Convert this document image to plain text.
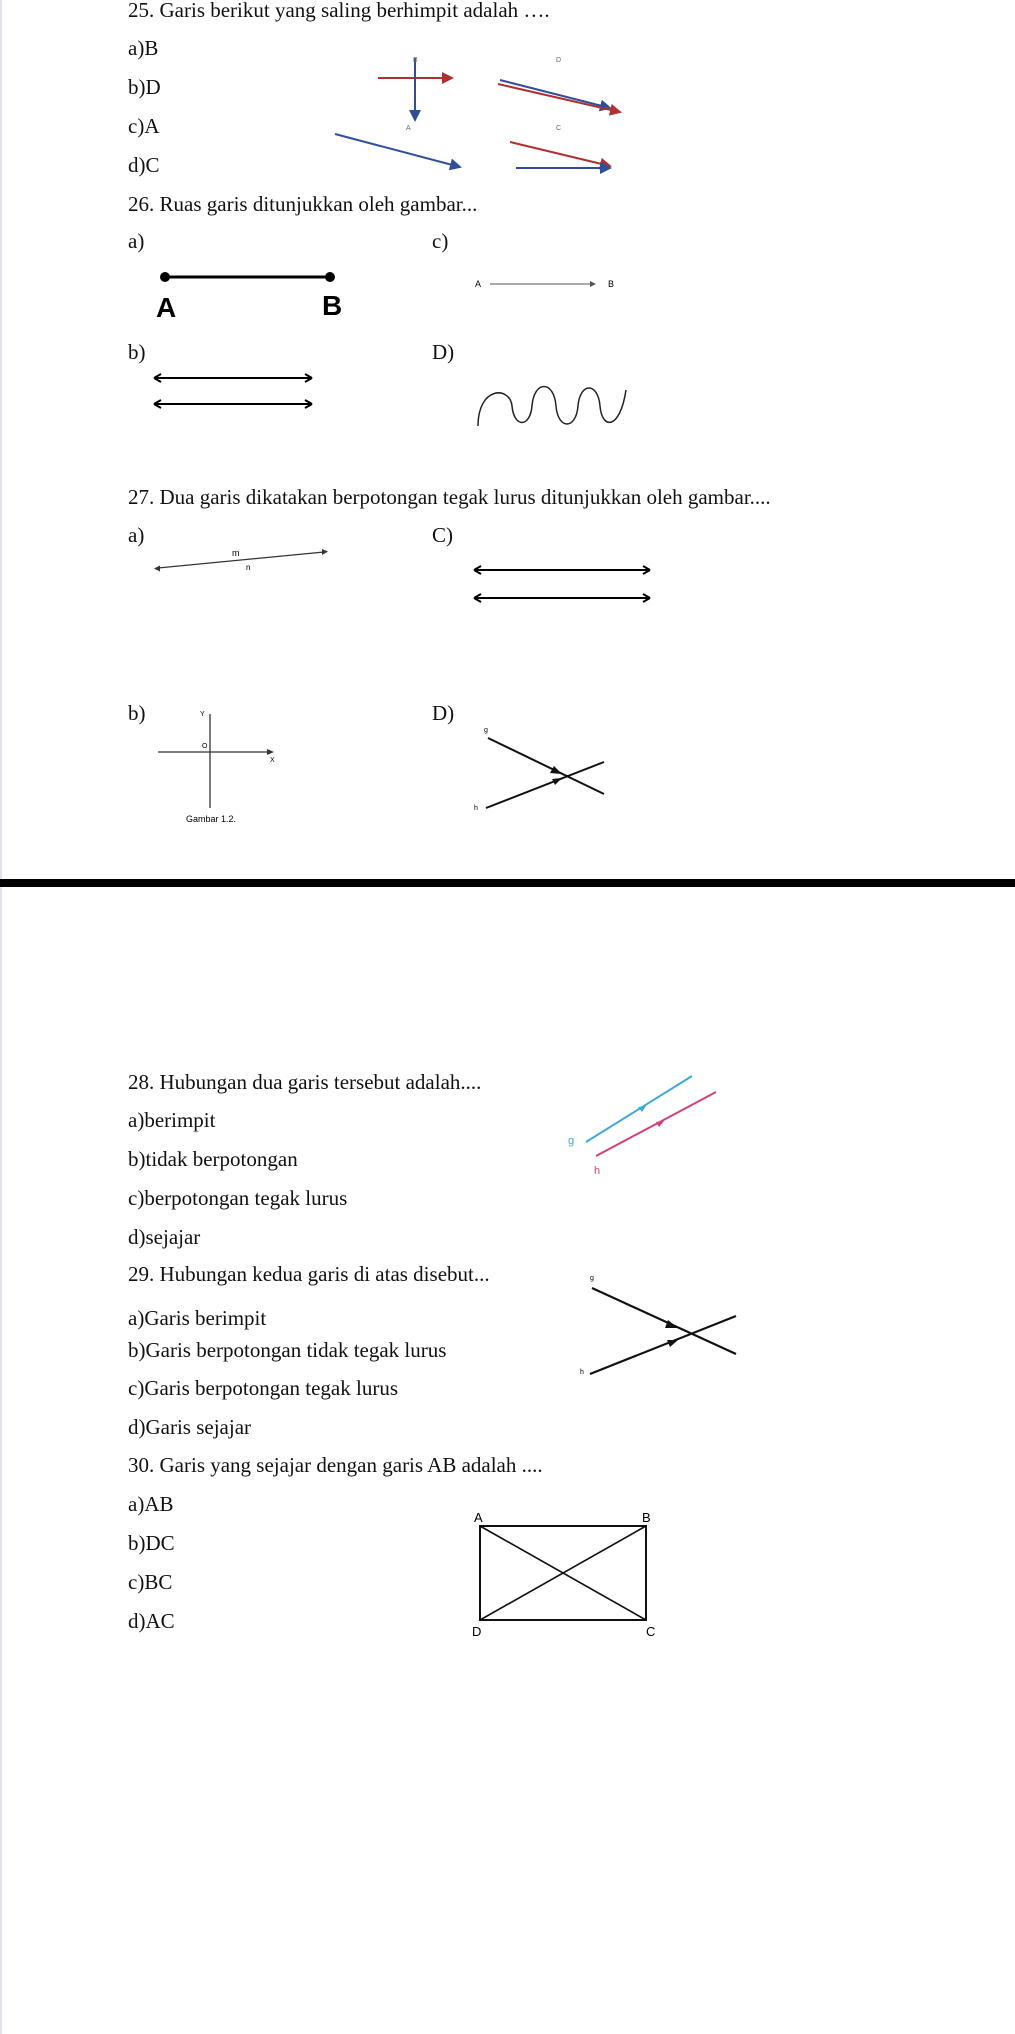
25. Garis berikut yang saling berhimpit adalah ….
a)B
b)D
c)A
d)C
B	D
A	C
26. Ruas garis ditunjukkan oleh gambar...
a)	c)
b)	D)
A	B
A	B
27. Dua garis dikatakan berpotongan tegak lurus ditunjukkan oleh gambar....
a)	C)
b)	D)
m
n
Y
O
X
Gambar 1.2.
g
h
28. Hubungan dua garis tersebut adalah....
a)berimpit
b)tidak berpotongan
c)berpotongan tegak lurus
d)sejajar
g
h
29. Hubungan kedua garis di atas disebut...
a)Garis berimpit
b)Garis berpotongan tidak tegak lurus
c)Garis berpotongan tegak lurus
d)Garis sejajar
g
h
30. Garis yang sejajar dengan garis AB adalah ....
a)AB
b)DC
c)BC
d)AC
A	B
C
D
